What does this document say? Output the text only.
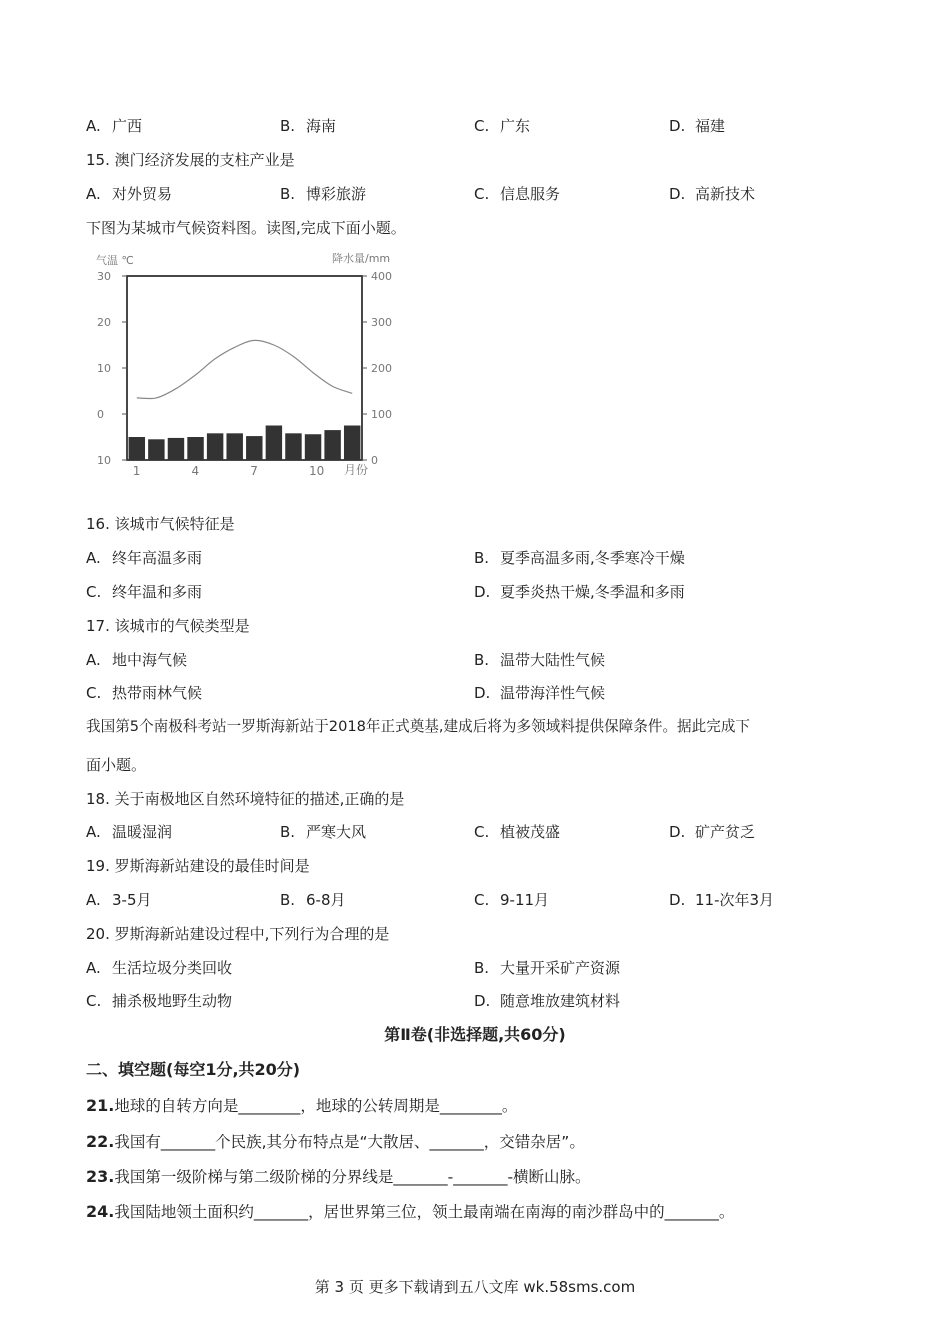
A. 广西	B. 海南	C. 广东	D. 福建
15. 澳门经济发展的支柱产业是
A. 对外贸易	B. 博彩旅游	C. 信息服务	D. 高新技术
下图为某城市气候资料图。读图,完成下面小题。
气温 ℃	降水量/mm
30
20
10
0
10
400
300
200
100
0
1	4	7	10 月份
16. 该城市气候特征是
A. 终年高温多雨	B. 夏季高温多雨,冬季寒冷干燥
C. 终年温和多雨	D. 夏季炎热干燥,冬季温和多雨
17. 该城市的气候类型是
A. 地中海气候	B. 温带大陆性气候
C. 热带雨林气候	D. 温带海洋性气候
我国第5个南极科考站一罗斯海新站于2018年正式奠基,建成后将为多领域料提供保障条件。据此完成下
面小题。
18. 关于南极地区自然环境特征的描述,正确的是
A. 温暖湿润	B. 严寒大风	C. 植被茂盛	D. 矿产贫乏
19. 罗斯海新站建设的最佳时间是
A. 3-5月	B. 6-8月	C. 9-11月	D. 11-次年3月
20. 罗斯海新站建设过程中,下列行为合理的是
A. 生活垃圾分类回收	B. 大量开采矿产资源
C. 捕杀极地野生动物	D. 随意堆放建筑材料
第Ⅱ卷(非选择题,共60分)
二、填空题(每空1分,共20分)
21.地球的自转方向是________，地球的公转周期是________。
22.我国有_______个民族,其分布特点是“大散居、_______，交错杂居”。
23.我国第一级阶梯与第二级阶梯的分界线是_______-_______-横断山脉。
24.我国陆地领土面积约_______，居世界第三位，领土最南端在南海的南沙群岛中的_______。
第 3 页 更多下载请到五八文库 wk.58sms.com
